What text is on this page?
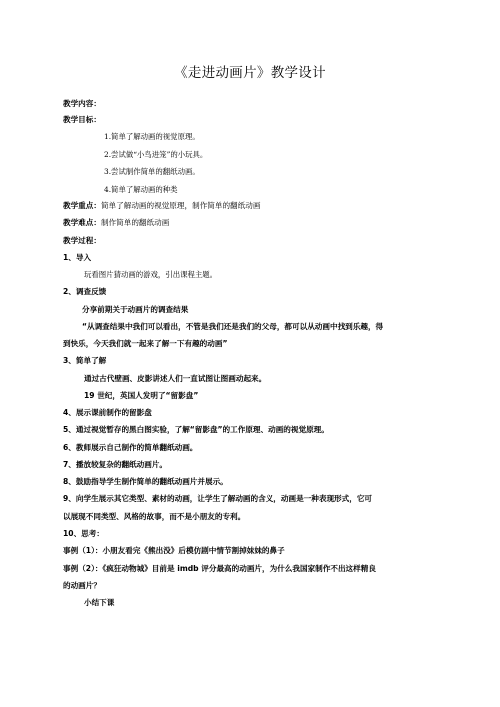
《走进动画片》教学设计
教学内容：
教学目标：
1.简单了解动画的视觉原理。
2.尝试做“小鸟进笼”的小玩具。
3.尝试制作简单的翻纸动画。
4.简单了解动画的种类
教学重点：简单了解动画的视觉原理，制作简单的翻纸动画
教学难点：制作简单的翻纸动画
教学过程：
1、导入
玩看图片猜动画的游戏，引出课程主题。
2、调查反馈
分享前期关于动画片的调查结果
“从调查结果中我们可以看出，不管是我们还是我们的父母，都可以从动画中找到乐趣，得
到快乐，今天我们就一起来了解一下有趣的动画”
3、简单了解
通过古代壁画、皮影讲述人们一直试图让图画动起来。
19 世纪，英国人发明了“留影盘”
4、展示课前制作的留影盘
5、通过视觉暂存的黑白图实验，了解“留影盘”的工作原理、动画的视觉原理。
6、教师展示自己制作的简单翻纸动画。
7、播放较复杂的翻纸动画片。
8、鼓励指导学生制作简单的翻纸动画片并展示。
9、向学生展示其它类型、素材的动画，让学生了解动画的含义，动画是一种表现形式，它可
以展现不同类型、风格的故事，而不是小朋友的专利。
10、思考：
事例（1）：小朋友看完《熊出没》后模仿剧中情节割掉妹妹的鼻子
事例（2）：《疯狂动物城》目前是 imdb 评分最高的动画片，为什么我国家制作不出这样精良
的动画片？
小结下课
